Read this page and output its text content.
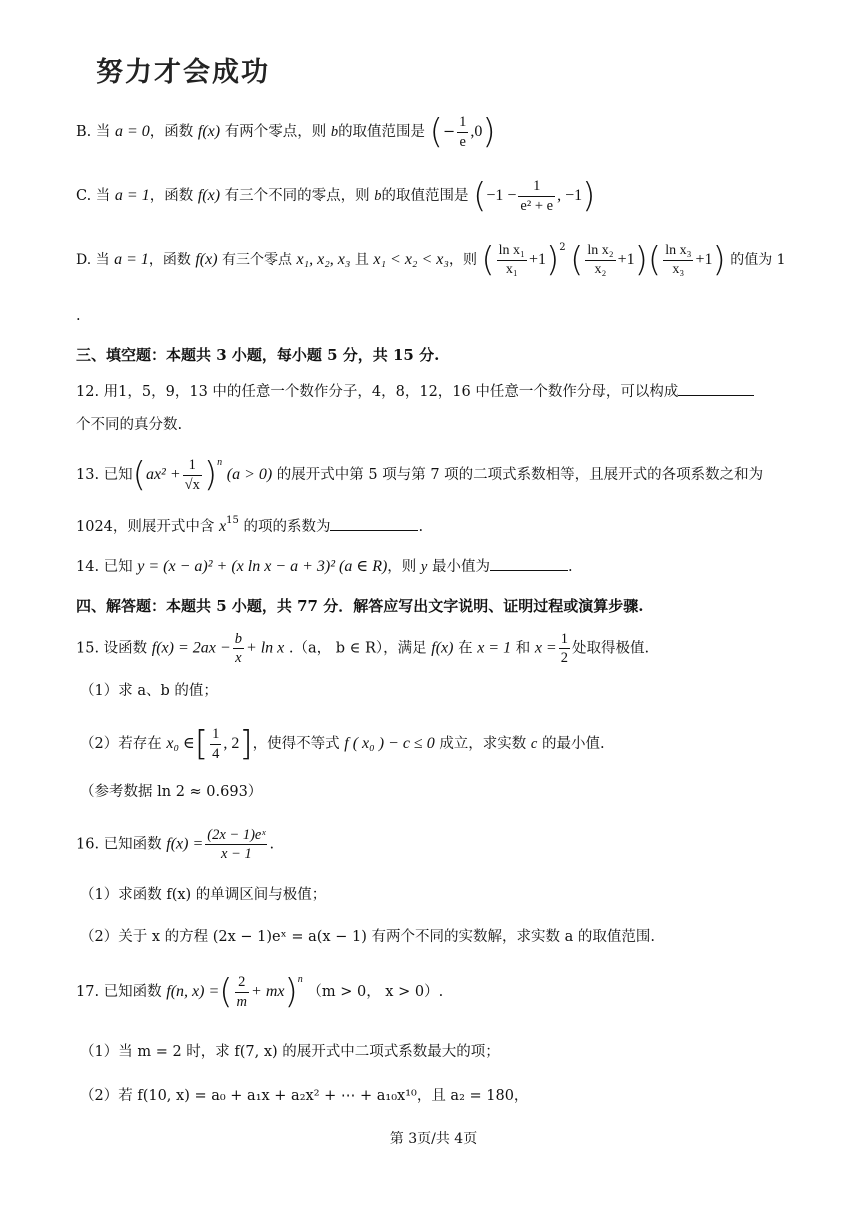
努力才会成功
B. 当 a = 0，函数 f(x) 有两个零点，则 b的取值范围是 (− $\frac{1}{e} ,0$)
C. 当 a = 1，函数 f(x) 有三个不同的零点，则 b的取值范围是 ($-1 - \frac{1}{\text{e² + e}}$ , −1)
D. 当 a = 1，函数 f(x) 有三个零点 x₁, x₂, x₃ 且 x₁ < x₂ < x₃，则 ( $\frac{\text{ln x₁}}{\text{x₁}} +1)^2$ ( $\frac{\text{ln x₂}}{\text{x₂}} +1)( \frac{\text{ln x₃}}{\text{x₃}} +1)$ 的值为 1
.
三、填空题：本题共 3 小题，每小题 5 分，共 15 分.
12. 用1，5，9，13 中的任意一个数作分子，4，8，12，16 中任意一个数作分母，可以构成
个不同的真分数.
13. 已知$(ax^2 + \frac{1}{√x} )^n$ (a > 0) 的展开式中第 5 项与第 7 项的二项式系数相等，且展开式的各项系数之和为
1024，则展开式中含 $x^{15}$ 的项的系数为	.
14. 已知 y = (x − a)² + (x ln x − a + 3)² (a ∈ R)，则 y 最小值为	.
四、解答题：本题共 5 小题，共 77 分．解答应写出文字说明、证明过程或演算步骤.
15. 设函数 $f(x) = 2ax - \frac{b}{x} + \ln x$ .（a， b ∈ R），满足 f(x) 在 x = 1 和 $x = \frac{1}{2}$ 处取得极值.
（1）求 a、b 的值；
（2）若存在 x₀ ∈[ $\frac{1}{4}$ , 2]，使得不等式 f ( x₀ ) − c ≤ 0 成立，求实数 c 的最小值.
（参考数据 ln 2 ≈ 0.693）
16. 已知函数 $f(x) = \frac{\text{(2x − 1)eˣ}}{x - 1}$ .
（1）求函数 f(x) 的单调区间与极值；
（2）关于 x 的方程 (2x − 1)eˣ = a(x − 1) 有两个不同的实数解，求实数 a 的取值范围.
17. 已知函数 f(n, x) =( $\frac{2}{m} + mx)^n$ （m > 0， x > 0）.
（1）当 m = 2 时，求 f(7, x) 的展开式中二项式系数最大的项；
（2）若 f(10, x) = a₀ + a₁x + a₂x² + ⋯ + a₁₀x¹⁰，且 a₂ = 180，
第 3页/共 4页
